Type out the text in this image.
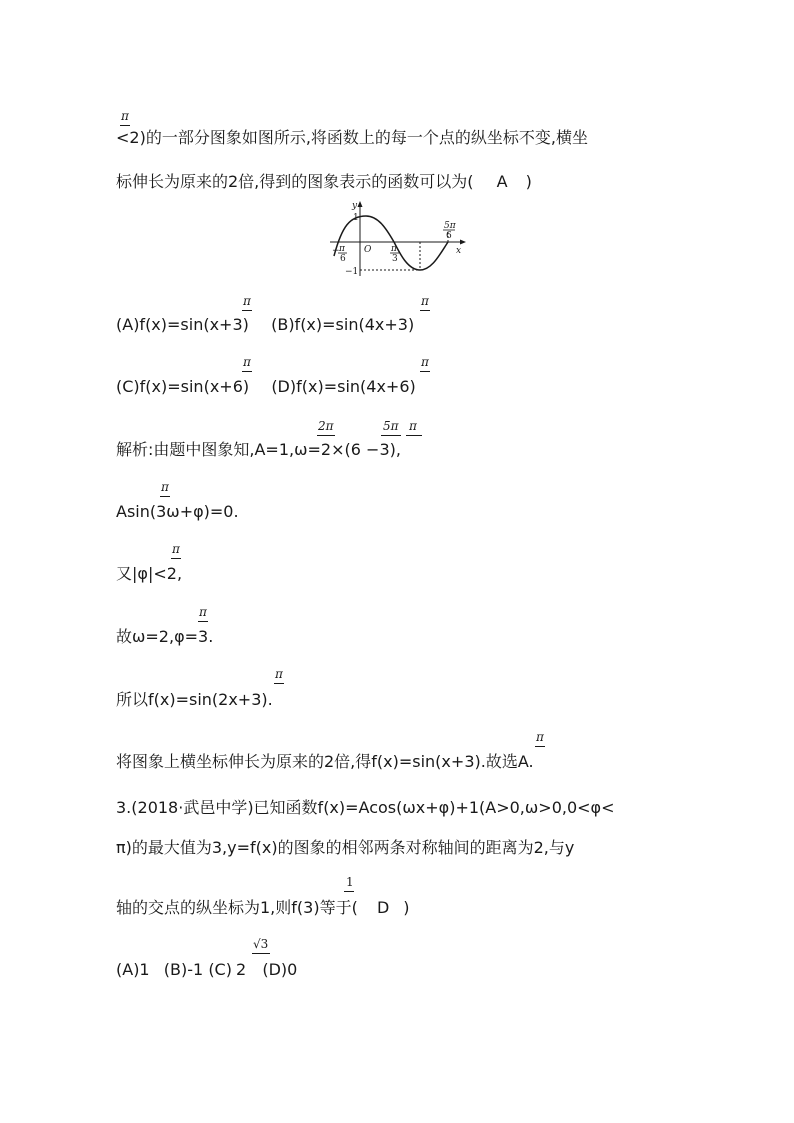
π
<2)的一部分图象如图所示,将函数上的每一个点的纵坐标不变,横坐
标伸长为原来的2倍,得到的图象表示的函数可以为( A )
y
x
O
1
−1
− π
6
π
3
5π
6
π	π
(A)f(x)=sin(x+3) (B)f(x)=sin(4x+3)
π	π
(C)f(x)=sin(x+6) (D)f(x)=sin(4x+6)
2π	5π π
解析:由题中图象知,A=1,ω=2×(6 −3),
π
Asin(3ω+φ)=0.
π
又|φ|<2,
π
故ω=2,φ=3.
π
所以f(x)=sin(2x+3).
π
将图象上横坐标伸长为原来的2倍,得f(x)=sin(x+3).故选A.
3.(2018·武邑中学)已知函数f(x)=Acos(ωx+φ)+1(A>0,ω>0,0<φ<
π)的最大值为3,y=f(x)的图象的相邻两条对称轴间的距离为2,与y
1
轴的交点的纵坐标为1,则f(3)等于( D )
√3
(A)1 (B)-1 (C) 2 (D)0
